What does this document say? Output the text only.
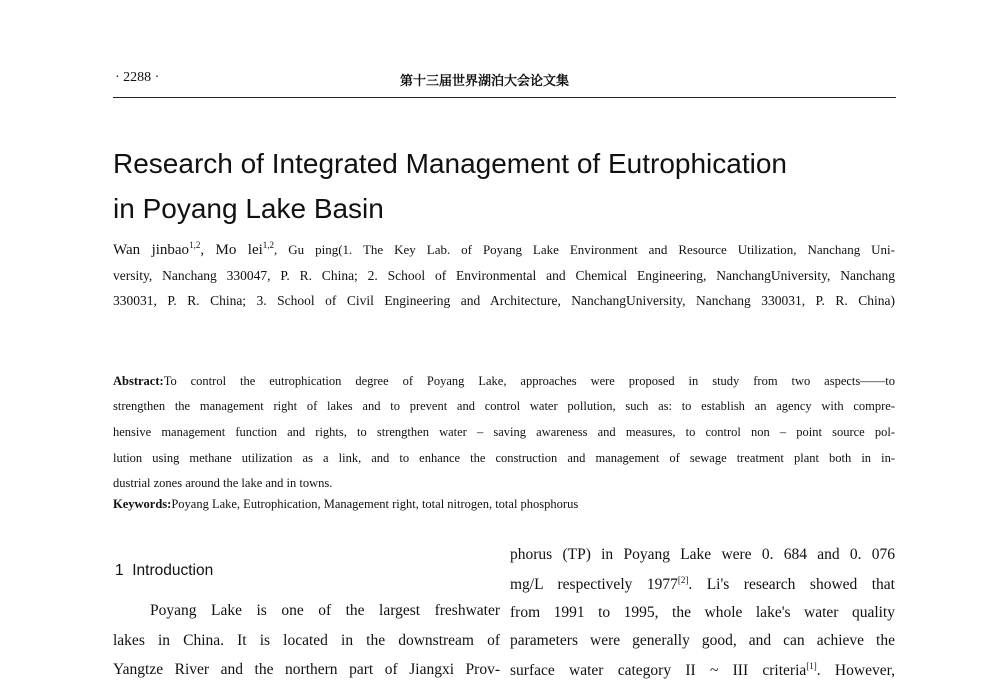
· 2288 ·	第十三届世界湖泊大会论文集
Research of Integrated Management of Eutrophication
in Poyang Lake Basin
Wan jinbao$^{1,2}$, Mo lei$^{1,2}$, Gu ping(1. The Key Lab. of Poyang Lake Environment and Resource Utilization, Nanchang Uni-
versity, Nanchang 330047, P. R. China; 2. School of Environmental and Chemical Engineering, NanchangUniversity, Nanchang
330031, P. R. China; 3. School of Civil Engineering and Architecture, NanchangUniversity, Nanchang 330031, P. R. China)
Abstract:To control the eutrophication degree of Poyang Lake, approaches were proposed in study from two aspects——to
strengthen the management right of lakes and to prevent and control water pollution, such as: to establish an agency with compre-
hensive management function and rights, to strengthen water – saving awareness and measures, to control non – point source pol-
lution using methane utilization as a link, and to enhance the construction and management of sewage treatment plant both in in-
dustrial zones around the lake and in towns.
Keywords:Poyang Lake, Eutrophication, Management right, total nitrogen, total phosphorus
1 Introduction
Poyang Lake is one of the largest freshwater
lakes in China. It is located in the downstream of
Yangtze River and the northern part of Jiangxi Prov-
phorus (TP) in Poyang Lake were 0. 684 and 0. 076
mg/L respectively 1977[2]. Li's research showed that
from 1991 to 1995, the whole lake's water quality
parameters were generally good, and can achieve the
surface water category II ~ III criteria[1]. However,
